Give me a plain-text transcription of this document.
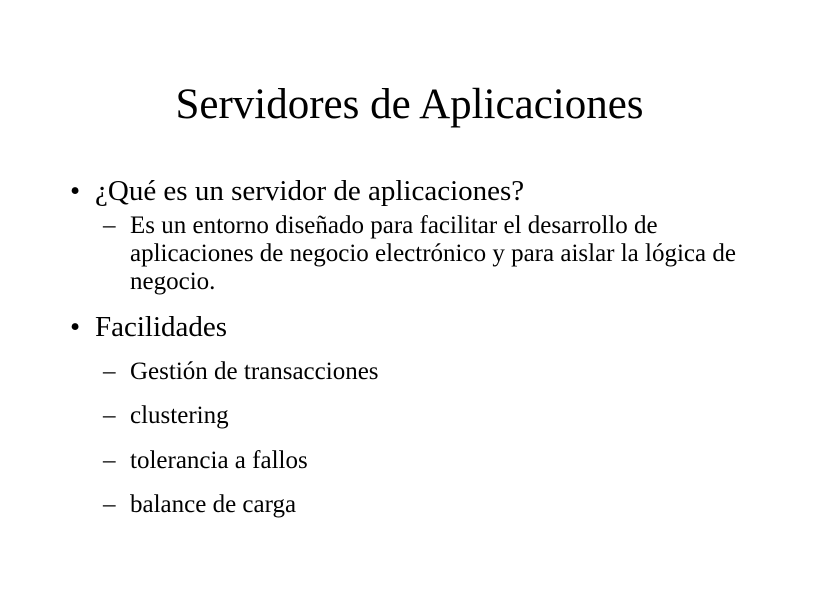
Servidores de Aplicaciones
• ¿Qué es un servidor de aplicaciones?
– Es un entorno diseñado para facilitar el desarrollo de aplicaciones de negocio electrónico y para aislar la lógica de negocio.
• Facilidades
– Gestión de transacciones
– clustering
– tolerancia a fallos
– balance de carga
